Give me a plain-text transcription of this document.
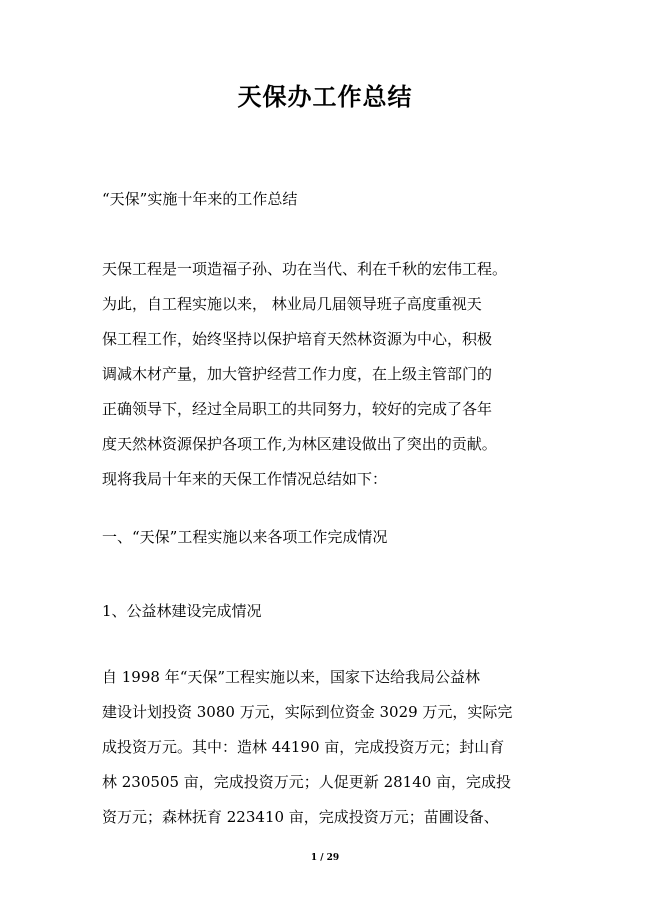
天保办工作总结

“天保”实施十年来的工作总结

天保工程是一项造福子孙、功在当代、利在千秋的宏伟工程。
为此，自工程实施以来， 林业局几届领导班子高度重视天
保工程工作，始终坚持以保护培育天然林资源为中心，积极
调减木材产量，加大管护经营工作力度，在上级主管部门的
正确领导下，经过全局职工的共同努力，较好的完成了各年
度天然林资源保护各项工作,为林区建设做出了突出的贡献。
现将我局十年来的天保工作情况总结如下：

一、“天保”工程实施以来各项工作完成情况

1、公益林建设完成情况

自 1998 年“天保”工程实施以来，国家下达给我局公益林
建设计划投资 3080 万元，实际到位资金 3029 万元，实际完
成投资万元。其中：造林 44190 亩，完成投资万元；封山育
林 230505 亩，完成投资万元；人促更新 28140 亩，完成投
资万元；森林抚育 223410 亩，完成投资万元；苗圃设备、

1 / 29
